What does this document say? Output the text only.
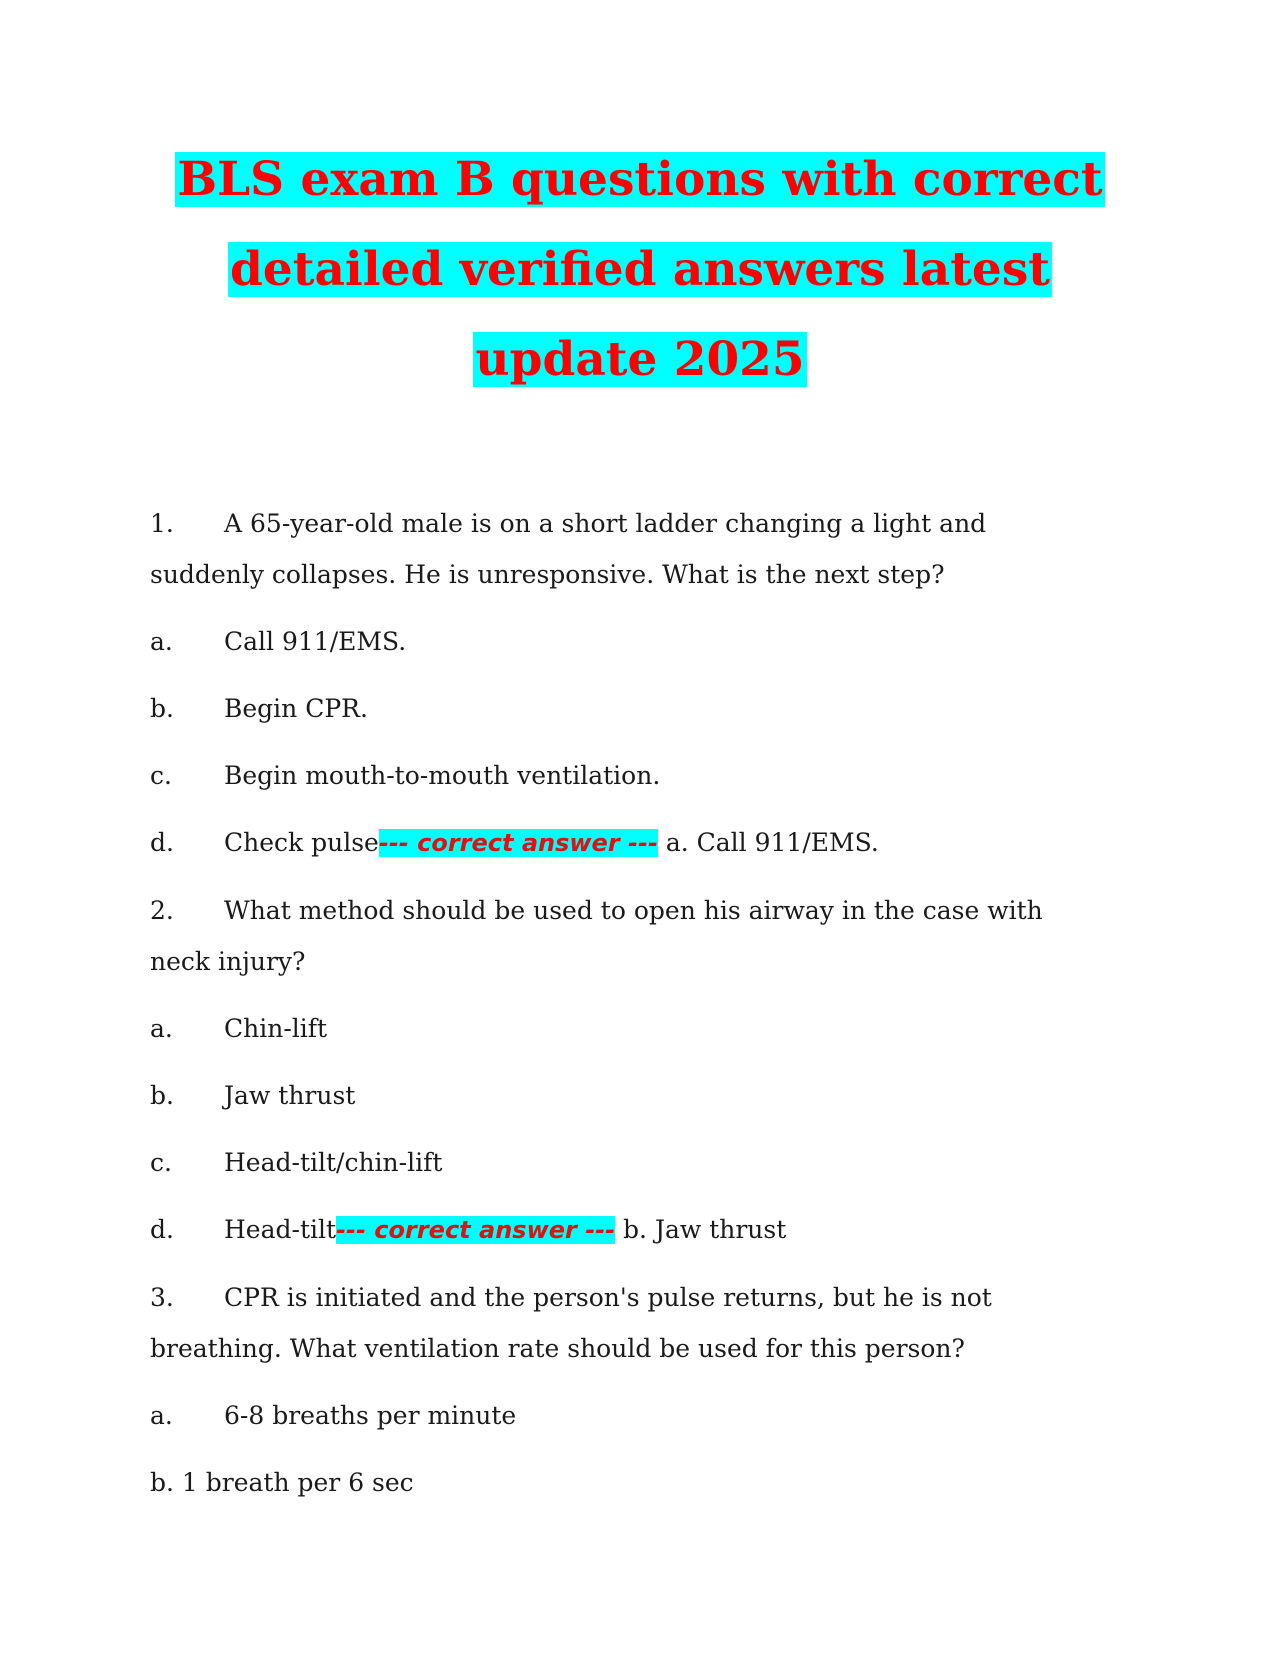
BLS exam B questions with correct
detailed verified answers latest
update 2025
1. A 65-year-old male is on a short ladder changing a light and
suddenly collapses. He is unresponsive. What is the next step?
a. Call 911/EMS.
b. Begin CPR.
c. Begin mouth-to-mouth ventilation.
d. Check pulse--- correct answer --- a. Call 911/EMS.
2. What method should be used to open his airway in the case with
neck injury?
a. Chin-lift
b. Jaw thrust
c. Head-tilt/chin-lift
d. Head-tilt--- correct answer --- b. Jaw thrust
3. CPR is initiated and the person's pulse returns, but he is not
breathing. What ventilation rate should be used for this person?
a. 6-8 breaths per minute
b. 1 breath per 6 sec
